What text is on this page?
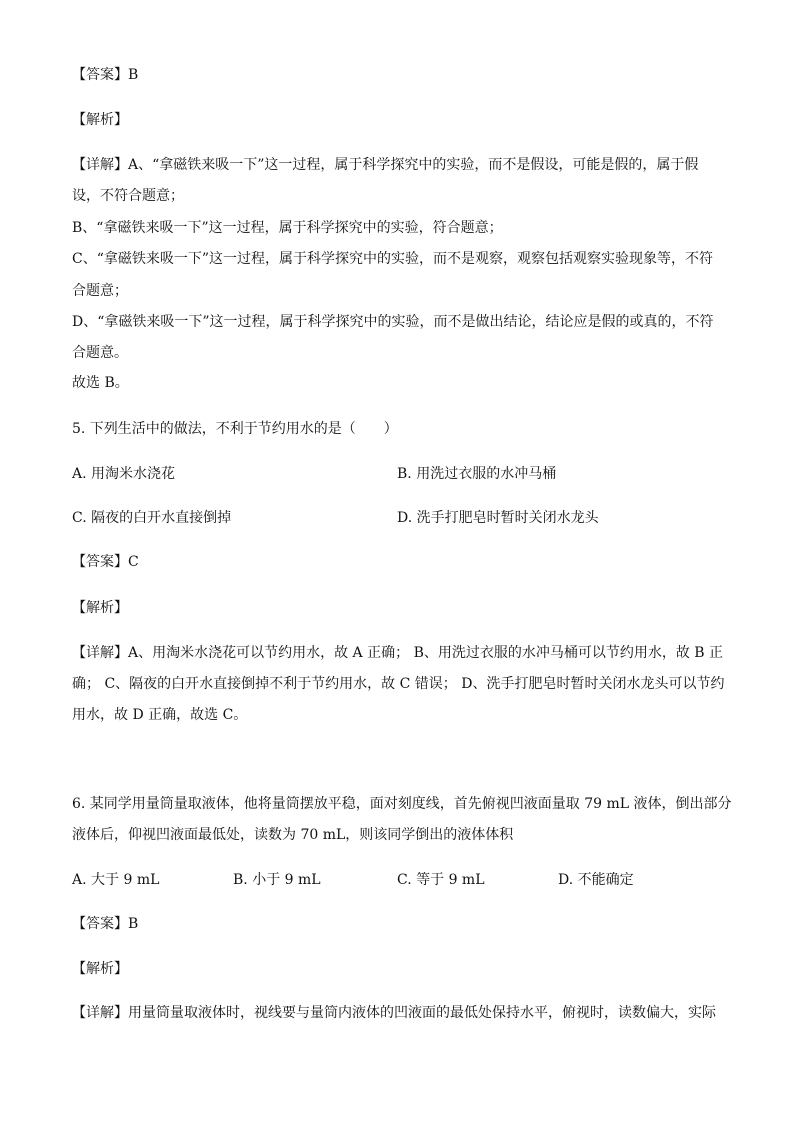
【答案】B
【解析】
【详解】A、“拿磁铁来吸一下”这一过程，属于科学探究中的实验，而不是假设，可能是假的，属于假
设，不符合题意；
B、“拿磁铁来吸一下”这一过程，属于科学探究中的实验，符合题意；
C、“拿磁铁来吸一下”这一过程，属于科学探究中的实验，而不是观察，观察包括观察实验现象等，不符
合题意；
D、“拿磁铁来吸一下”这一过程，属于科学探究中的实验，而不是做出结论，结论应是假的或真的，不符
合题意。
故选 B。
5. 下列生活中的做法，不利于节约用水的是（　　）
A. 用淘米水浇花	B. 用洗过衣服的水冲马桶
C. 隔夜的白开水直接倒掉	D. 洗手打肥皂时暂时关闭水龙头
【答案】C
【解析】
【详解】A、用淘米水浇花可以节约用水，故 A 正确； B、用洗过衣服的水冲马桶可以节约用水，故 B 正
确； C、隔夜的白开水直接倒掉不利于节约用水，故 C 错误； D、洗手打肥皂时暂时关闭水龙头可以节约
用水，故 D 正确，故选 C。
6. 某同学用量筒量取液体，他将量筒摆放平稳，面对刻度线，首先俯视凹液面量取 79 mL 液体，倒出部分
液体后，仰视凹液面最低处，读数为 70 mL，则该同学倒出的液体体积
A. 大于 9 mL	B. 小于 9 mL	C. 等于 9 mL	D. 不能确定
【答案】B
【解析】
【详解】用量筒量取液体时，视线要与量筒内液体的凹液面的最低处保持水平，俯视时，读数偏大，实际
